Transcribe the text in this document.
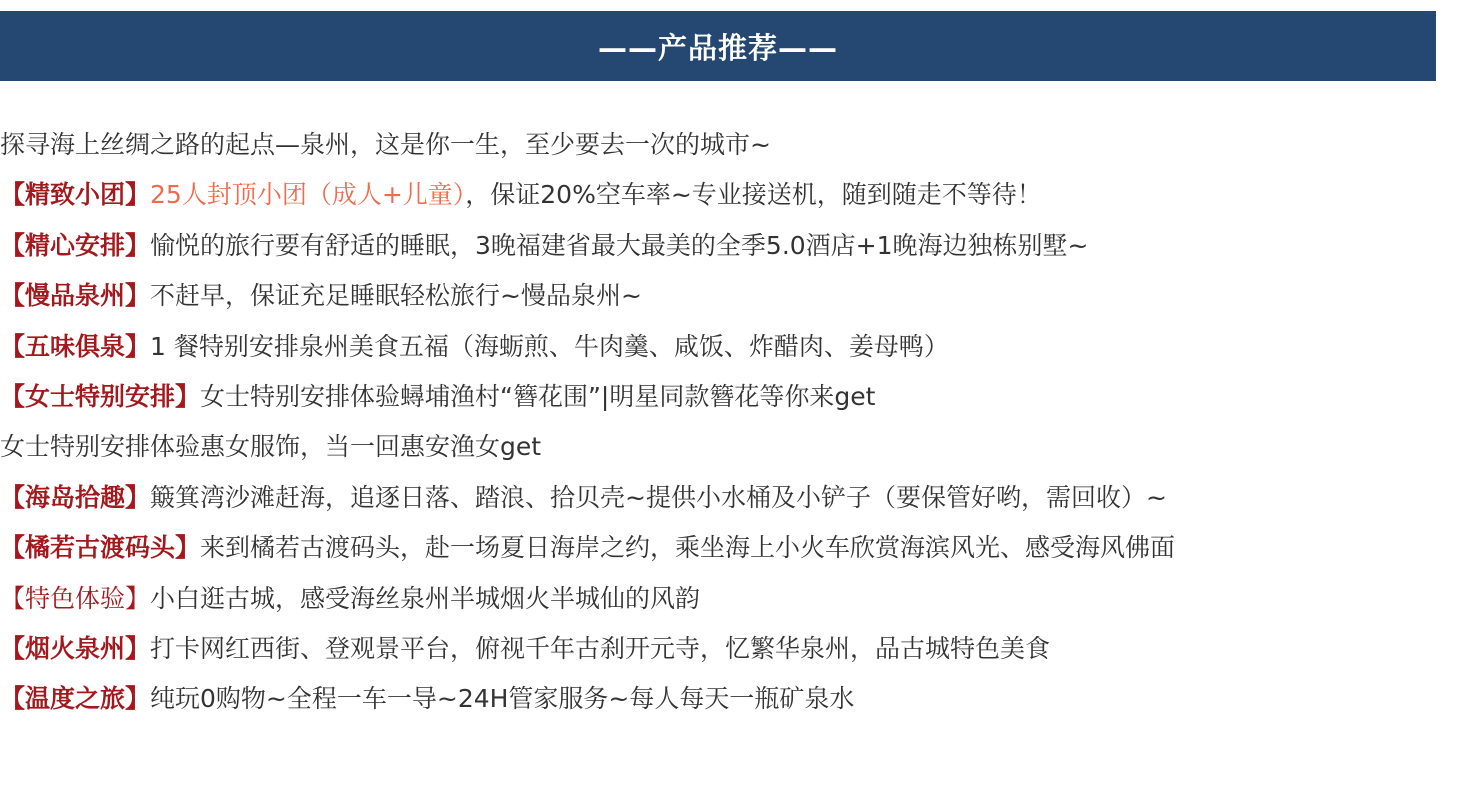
——产品推荐——
探寻海上丝绸之路的起点—泉州，这是你一生，至少要去一次的城市~
【精致小团】25人封顶小团（成人+儿童），保证20%空车率~专业接送机，随到随走不等待！
【精心安排】愉悦的旅行要有舒适的睡眠，3晚福建省最大最美的全季5.0酒店+1晚海边独栋别墅~
【慢品泉州】不赶早，保证充足睡眠轻松旅行~慢品泉州~
【五味俱泉】1 餐特别安排泉州美食五福（海蛎煎、牛肉羹、咸饭、炸醋肉、姜母鸭）
【女士特别安排】女士特别安排体验蟳埔渔村“簪花围”|明星同款簪花等你来get
女士特别安排体验惠女服饰，当一回惠安渔女get
【海岛拾趣】簸箕湾沙滩赶海，追逐日落、踏浪、拾贝壳~提供小水桶及小铲子（要保管好哟，需回收）~
【橘若古渡码头】来到橘若古渡码头，赴一场夏日海岸之约，乘坐海上小火车欣赏海滨风光、感受海风佛面
【特色体验】小白逛古城，感受海丝泉州半城烟火半城仙的风韵
【烟火泉州】打卡网红西街、登观景平台，俯视千年古刹开元寺，忆繁华泉州，品古城特色美食
【温度之旅】纯玩0购物~全程一车一导~24H管家服务~每人每天一瓶矿泉水
